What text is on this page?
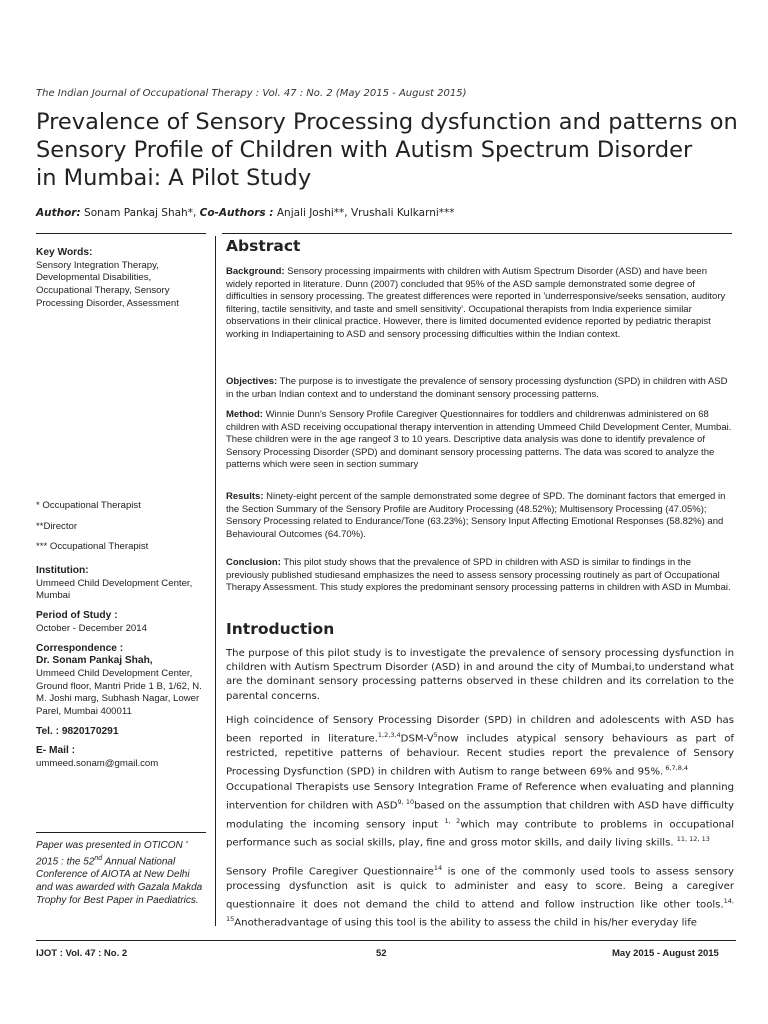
The Indian Journal of Occupational Therapy : Vol. 47 : No. 2 (May 2015 - August 2015)
Prevalence of Sensory Processing dysfunction and patterns on
Sensory Profile of Children with Autism Spectrum Disorder
in Mumbai: A Pilot Study
Author: Sonam Pankaj Shah*, Co-Authors : Anjali Joshi**, Vrushali Kulkarni***

Key Words:

Sensory Integration Therapy, Developmental Disabilities, Occupational Therapy, Sensory Processing Disorder, Assessment

* Occupational Therapist

**Director

*** Occupational Therapist

Institution:

Ummeed Child Development Center, Mumbai

Period of Study :

October - December 2014

Correspondence :

Dr. Sonam Pankaj Shah,

Ummeed Child Development Center, Ground floor, Mantri Pride 1 B, 1/62, N. M. Joshi marg, Subhash Nagar, Lower Parel, Mumbai 400011

Tel. : 9820170291

E- Mail :

ummeed.sonam@gmail.com

Paper was presented in OTICON ' 2015 : the 52nd Annual National Conference of AIOTA at New Delhi and was awarded with Gazala Makda Trophy for Best Paper in Paediatrics.
Abstract

Background: Sensory processing impairments with children with Autism Spectrum Disorder (ASD) and have been widely reported in literature. Dunn (2007) concluded that 95% of the ASD sample demonstrated some degree of difficulties in sensory processing. The greatest differences were reported in 'underresponsive/seeks sensation, auditory filtering, tactile sensitivity, and taste and smell sensitivity'. Occupational therapists from India experience similar observations in their clinical practice. However, there is limited documented evidence reported by pediatric therapist working in Indiapertaining to ASD and sensory processing difficulties within the Indian context.

Objectives: The purpose is to investigate the prevalence of sensory processing dysfunction (SPD) in children with ASD in the urban Indian context and to understand the dominant sensory processing patterns.

Method: Winnie Dunn's Sensory Profile Caregiver Questionnaires for toddlers and childrenwas administered on 68 children with ASD receiving occupational therapy intervention in attending Ummeed Child Development Center, Mumbai. These children were in the age rangeof 3 to 10 years. Descriptive data analysis was done to identify prevalence of Sensory Processing Disorder (SPD) and dominant sensory processing patterns. The data was scored to analyze the patterns which were seen in section summary

Results: Ninety-eight percent of the sample demonstrated some degree of SPD. The dominant factors that emerged in the Section Summary of the Sensory Profile are Auditory Processing (48.52%); Multisensory Processing (47.05%); Sensory Processing related to Endurance/Tone (63.23%); Sensory Input Affecting Emotional Responses (58.82%) and Behavioural Outcomes (64.70%).

Conclusion: This pilot study shows that the prevalence of SPD in children with ASD is similar to findings in the previously published studiesand emphasizes the need to assess sensory processing routinely as part of Occupational Therapy Assessment. This study explores the predominant sensory processing patterns in children with ASD in Mumbai.

Introduction

The purpose of this pilot study is to investigate the prevalence of sensory processing dysfunction in children with Autism Spectrum Disorder (ASD) in and around the city of Mumbai,to understand what are the dominant sensory processing patterns observed in these children and its correlation to the parental concerns.

High coincidence of Sensory Processing Disorder (SPD) in children and adolescents with ASD has been reported in $literature.^{1,2,3,4}DSM-V^5now$ includes atypical sensory behaviours as part of restricted, repetitive patterns of behaviour. Recent studies report the prevalence of Sensory Processing Dysfunction (SPD) in children with Autism to range between 69% and 95%. $^{6,7,8,4}$

Occupational Therapists use Sensory Integration Frame of Reference when evaluating and planning intervention for children with ASD$^{9, 10}$based on the assumption that children with ASD have difficulty modulating the incoming sensory input $^{1, 2}$which may contribute to problems in occupational performance such as social skills, play, fine and gross motor skills, and daily living skills. $^{11, 12, 13}$

Sensory Profile Caregiver Questionnaire$^{14}$ is one of the commonly used tools to assess sensory processing dysfunction asit is quick to administer and easy to score. Being a caregiver questionnaire it does not demand the child to attend and follow instruction like other tools.$^{14, 15}$Anotheradvantage of using this tool is the ability to assess the child in his/her everyday life

IJOT : Vol. 47 : No. 2	52	May 2015 - August 2015
